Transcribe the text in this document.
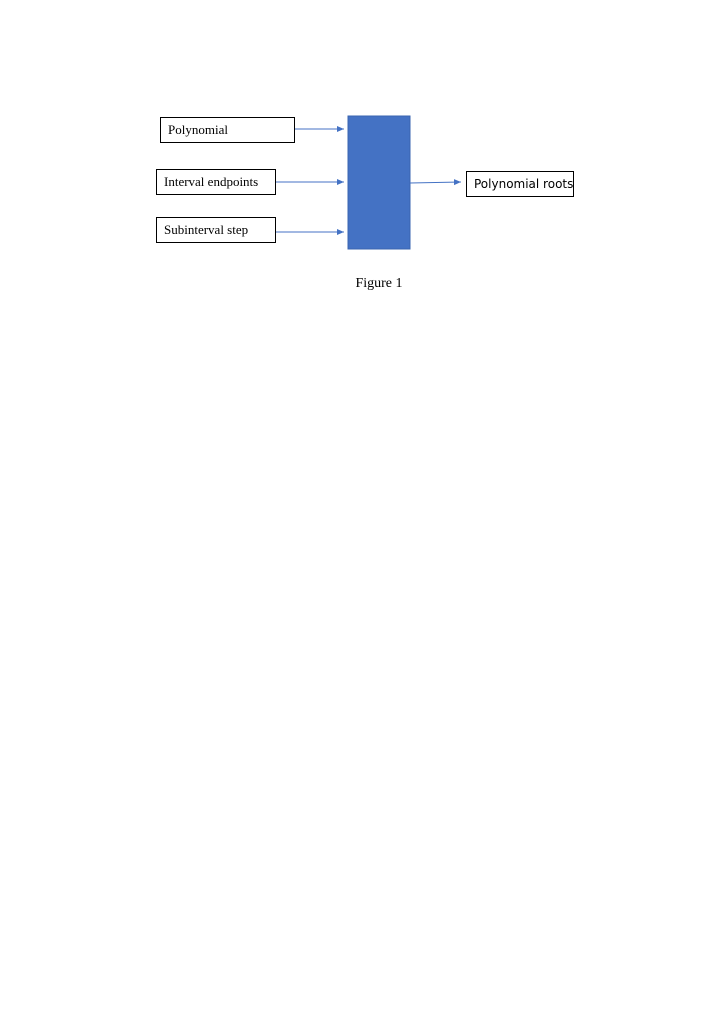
Polynomial
Interval endpoints
Subinterval step
Polynomial roots
Figure 1
